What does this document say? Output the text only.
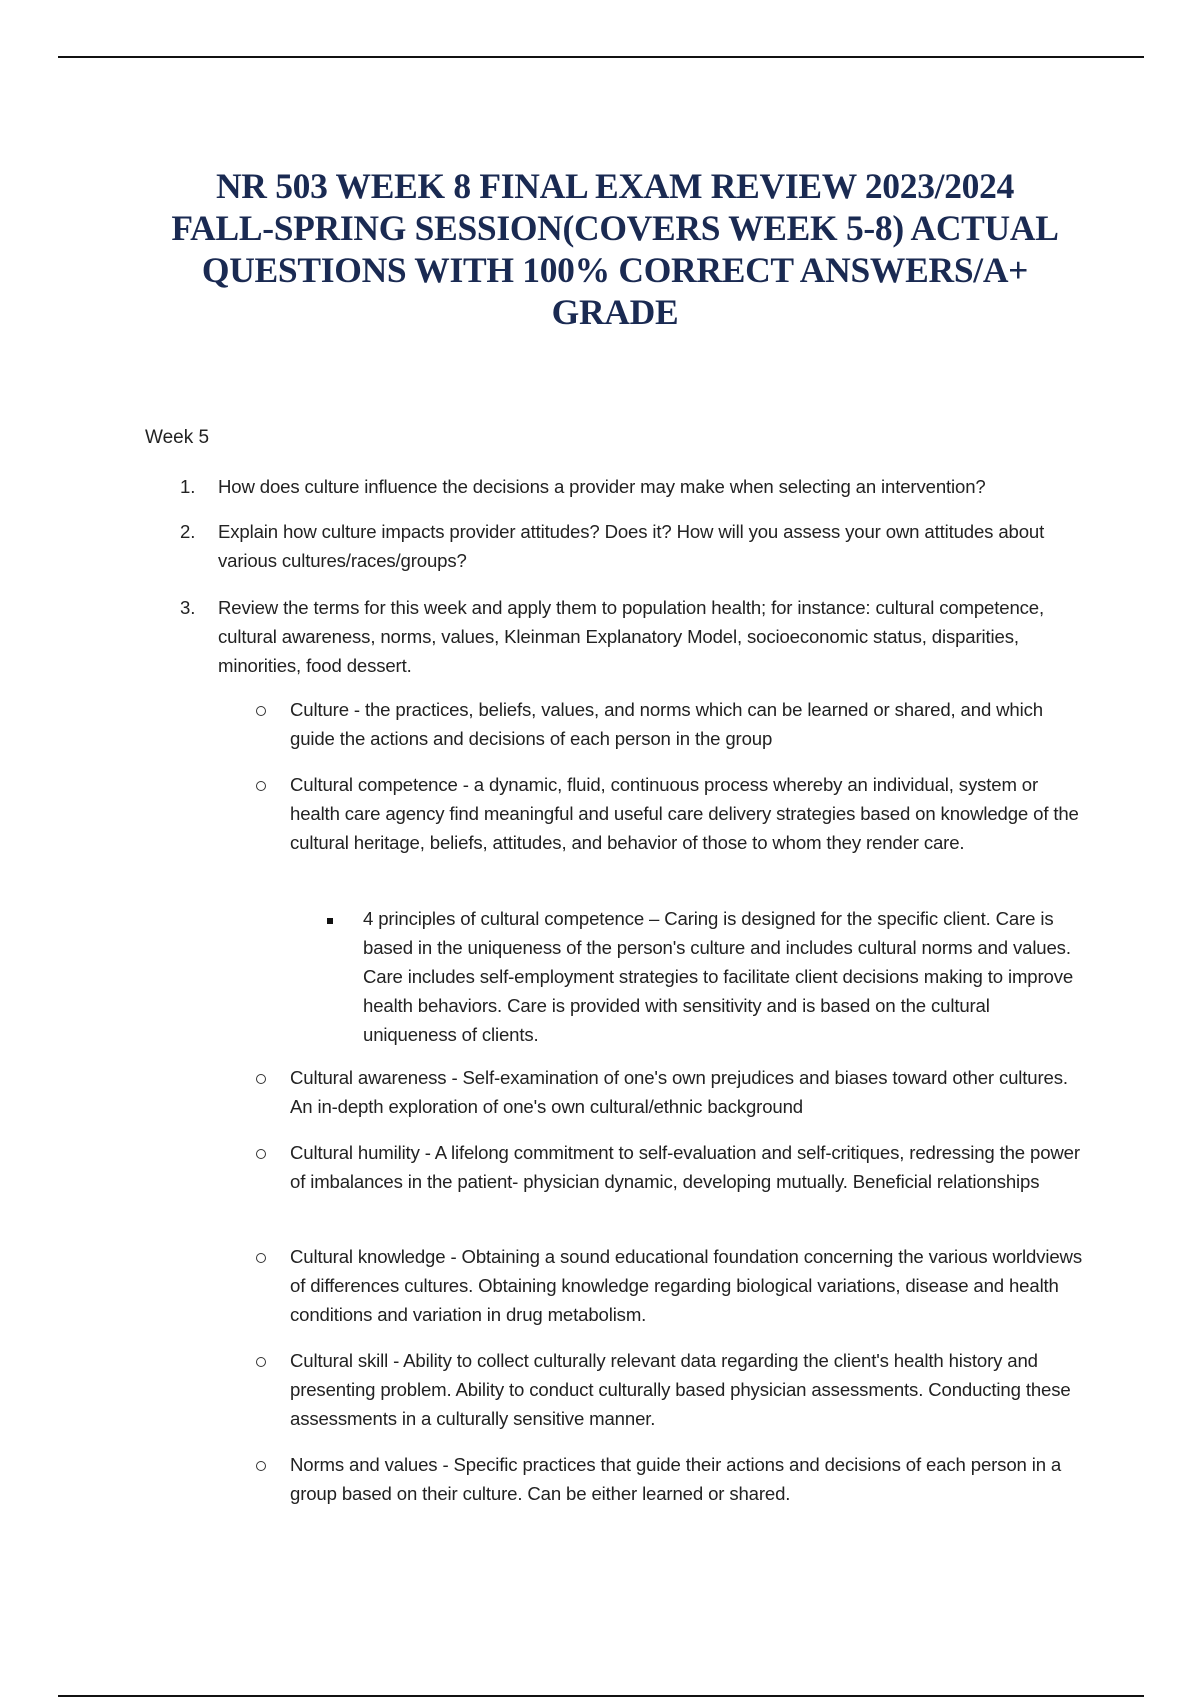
NR 503 WEEK 8 FINAL EXAM REVIEW 2023/2024
FALL-SPRING SESSION(COVERS WEEK 5-8) ACTUAL
QUESTIONS WITH 100% CORRECT ANSWERS/A+
GRADE
Week 5
1. How does culture influence the decisions a provider may make when selecting an intervention?
2. Explain how culture impacts provider attitudes? Does it? How will you assess your own attitudes about various cultures/races/groups?
3. Review the terms for this week and apply them to population health; for instance: cultural competence, cultural awareness, norms, values, Kleinman Explanatory Model, socioeconomic status, disparities, minorities, food dessert.
Culture - the practices, beliefs, values, and norms which can be learned or shared, and which guide the actions and decisions of each person in the group
Cultural competence - a dynamic, fluid, continuous process whereby an individual, system or health care agency find meaningful and useful care delivery strategies based on knowledge of the cultural heritage, beliefs, attitudes, and behavior of those to whom they render care.
4 principles of cultural competence – Caring is designed for the specific client. Care is based in the uniqueness of the person's culture and includes cultural norms and values. Care includes self-employment strategies to facilitate client decisions making to improve health behaviors. Care is provided with sensitivity and is based on the cultural uniqueness of clients.
Cultural awareness - Self-examination of one's own prejudices and biases toward other cultures. An in-depth exploration of one's own cultural/ethnic background
Cultural humility - A lifelong commitment to self-evaluation and self-critiques, redressing the power of imbalances in the patient- physician dynamic, developing mutually. Beneficial relationships
Cultural knowledge - Obtaining a sound educational foundation concerning the various worldviews of differences cultures. Obtaining knowledge regarding biological variations, disease and health conditions and variation in drug metabolism.
Cultural skill - Ability to collect culturally relevant data regarding the client's health history and presenting problem. Ability to conduct culturally based physician assessments. Conducting these assessments in a culturally sensitive manner.
Norms and values - Specific practices that guide their actions and decisions of each person in a group based on their culture. Can be either learned or shared.
